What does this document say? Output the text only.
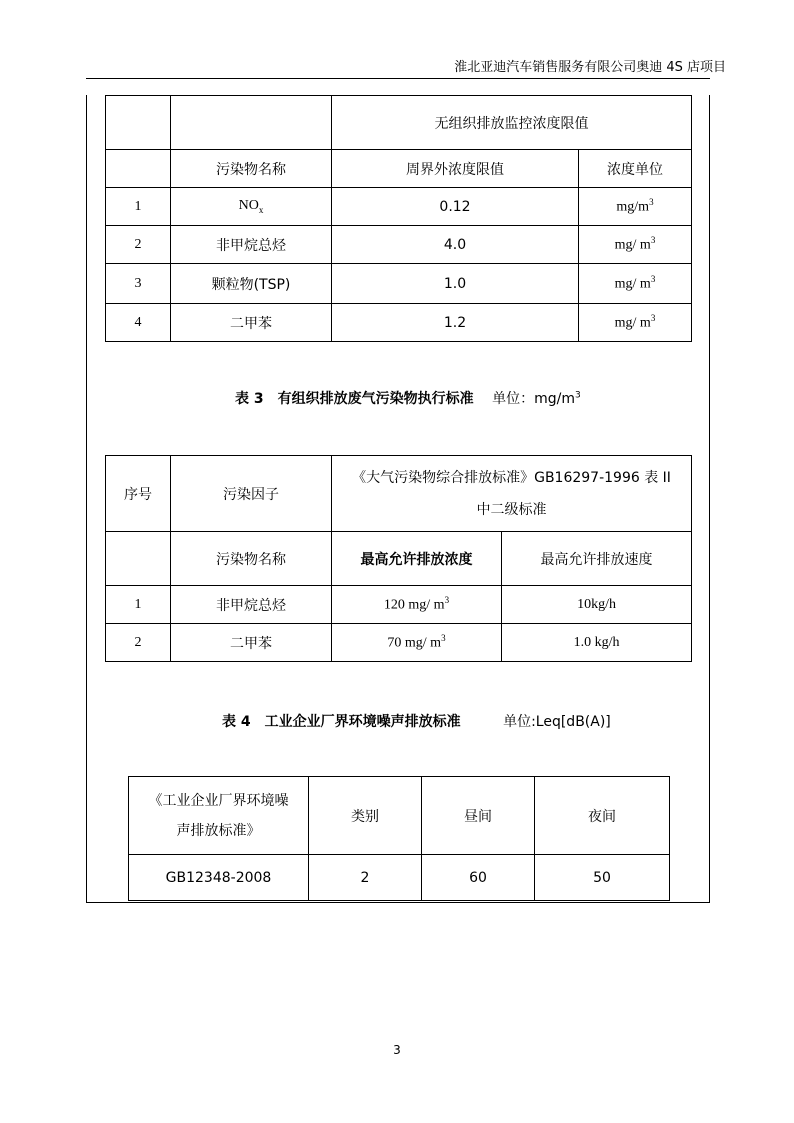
淮北亚迪汽车销售服务有限公司奥迪 4S 店项目
		无组织排放监控浓度限值	
	污染物名称	周界外浓度限值	浓度单位
1	$NO_x$	0.12	$mg/m^3$
2	非甲烷总烃	4.0	mg/ $m^3$
3	颗粒物(TSP)	1.0	mg/ $m^3$
4	二甲苯	1.2	mg/ $m^3$
表 3　有组织排放废气污染物执行标准 单位：$mg/m^3$
序号	污染因子	《大气污染物综合排放标准》GB16297-1996 表 II
中二级标准	

	污染物名称	最高允许排放浓度	最高允许排放速度
1	非甲烷总烃	120 mg/ $m^3$	10kg/h
2	二甲苯	70 mg/ $m^3$	1.0 kg/h
表 4　工业企业厂界环境噪声排放标准	单位:Leq[dB(A)]
《工业企业厂界环境噪
声排放标准》	类别	昼间	夜间
GB12348-2008	2	60	50
3
